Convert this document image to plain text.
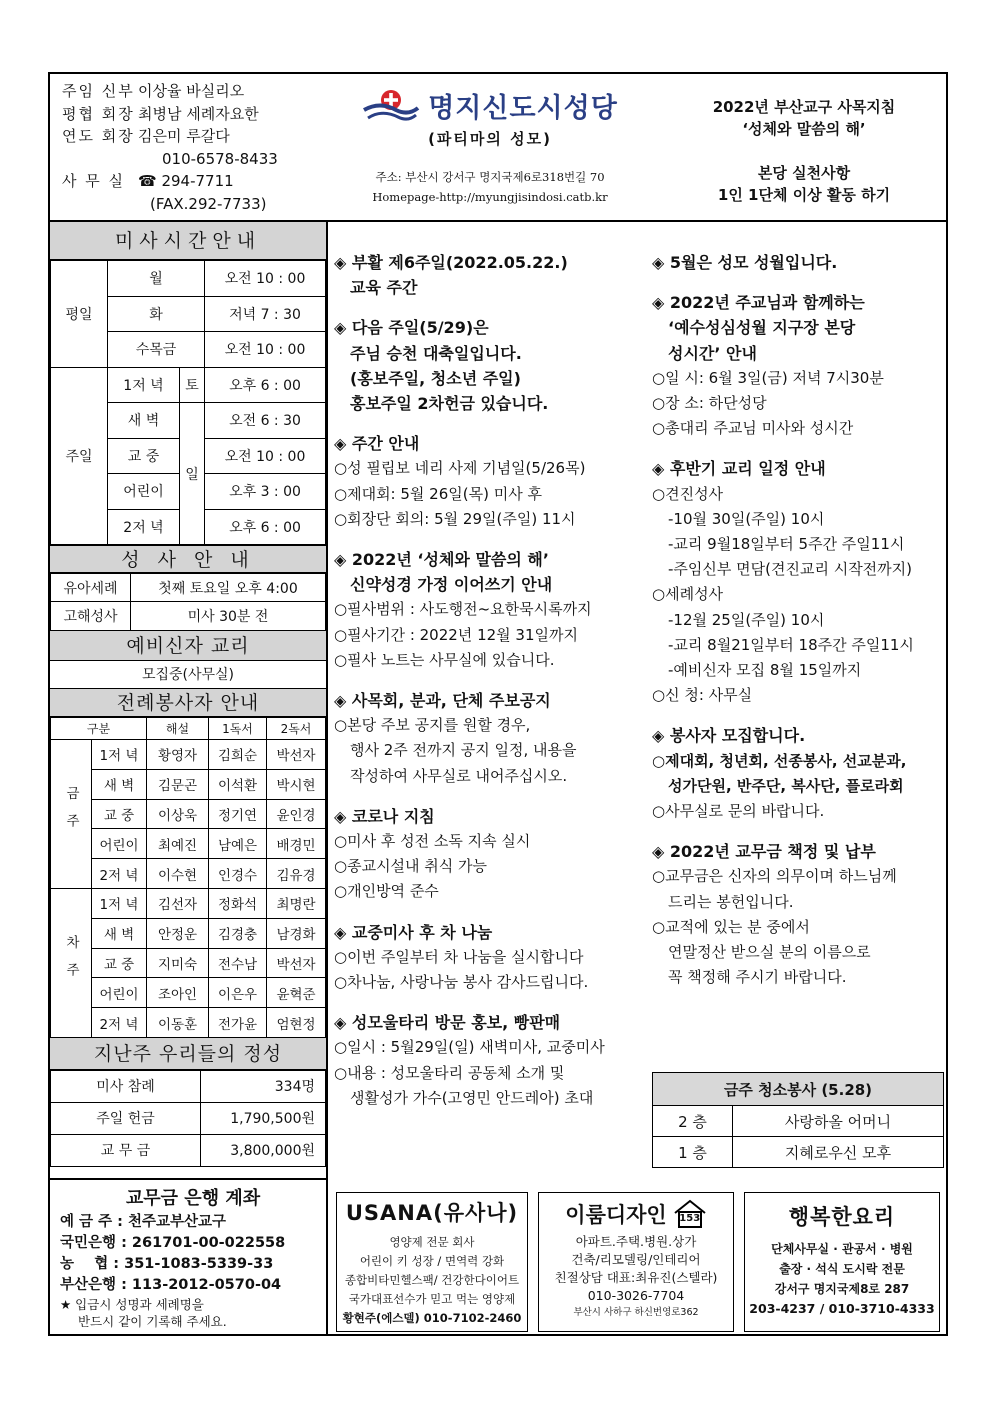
주임 신부 이상율 바실리오
평협 회장 최병남 세례자요한
연도 회장 김은미 루갈다
010-6578-8433
사 무 실 ☎ 294-7711
(FAX.292-7733)
명지신도시성당
(파티마의 성모)
주소: 부산시 강서구 명지국제6로318번길 70
Homepage-http://myungjisindosi.catb.kr
2022년 부산교구 사목지침
‘성체와 말씀의 해’
본당 실천사항
1인 1단체 이상 활동 하기
미사시간안내
평일	월		오전 10 : 00
	화		저녁 7 : 30
	수목금		오전 10 : 00
주일	1저 녁	토	오후 6 : 00
	새 벽	일	오전 6 : 30
	교 중		오전 10 : 00
	어린이		오후 3 : 00
	2저 녁		오후 6 : 00
성 사 안 내
유아세례	첫째 토요일 오후 4:00
고해성사	미사 30분 전
예비신자 교리
모집중(사무실)
전례봉사자 안내
구분		해설	1독서	2독서
금주	1저 녁	황영자	김희순	박선자
	새 벽	김문곤	이석환	박시현
	교 중	이상욱	정기연	윤인경
	어린이	최예진	남예은	배경민
	2저 녁	이수현	인경수	김유경
차주	1저 녁	김선자	정화석	최명란
	새 벽	안정운	김경충	남경화
	교 중	지미숙	전수남	박선자
	어린이	조아인	이은우	윤혁준
	2저 녁	이동훈	전가윤	엄현정
지난주 우리들의 정성
미사 참례	334명
주일 헌금	1,790,500원
교 무 금	3,800,000원
교무금 은행 계좌
예 금 주 : 천주교부산교구
국민은행 : 261701-00-022558
농    협 : 351-1083-5339-33
부산은행 : 113-2012-0570-04
★ 입금시 성명과 세례명을
반드시 같이 기록해 주세요.
◈ 부활 제6주일(2022.05.22.)
교육 주간
◈ 다음 주일(5/29)은
주님 승천 대축일입니다.
(홍보주일, 청소년 주일)
홍보주일 2차헌금 있습니다.
◈ 주간 안내
○성 필립보 네리 사제 기념일(5/26목)
○제대회: 5월 26일(목) 미사 후
○회장단 회의: 5월 29일(주일) 11시
◈ 2022년 ‘성체와 말씀의 해’
신약성경 가정 이어쓰기 안내
○필사범위 : 사도행전~요한묵시록까지
○필사기간 : 2022년 12월 31일까지
○필사 노트는 사무실에 있습니다.
◈ 사목회, 분과, 단체 주보공지
○본당 주보 공지를 원할 경우,
행사 2주 전까지 공지 일정, 내용을
작성하여 사무실로 내어주십시오.
◈ 코로나 지침
○미사 후 성전 소독 지속 실시
○종교시설내 취식 가능
○개인방역 준수
◈ 교중미사 후 차 나눔
○이번 주일부터 차 나눔을 실시합니다
○차나눔, 사랑나눔 봉사 감사드립니다.
◈ 성모울타리 방문 홍보, 빵판매
○일시 : 5월29일(일) 새벽미사, 교중미사
○내용 : 성모울타리 공동체 소개 및
생활성가 가수(고영민 안드레아) 초대
◈ 5월은 성모 성월입니다.
◈ 2022년 주교님과 함께하는
‘예수성심성월 지구장 본당
성시간’ 안내
○일 시: 6월 3일(금) 저녁 7시30분
○장 소: 하단성당
○총대리 주교님 미사와 성시간
◈ 후반기 교리 일정 안내
○견진성사
-10월 30일(주일) 10시
-교리 9월18일부터 5주간 주일11시
-주임신부 면담(견진교리 시작전까지)
○세례성사
-12월 25일(주일) 10시
-교리 8월21일부터 18주간 주일11시
-예비신자 모집 8월 15일까지
○신 청: 사무실
◈ 봉사자 모집합니다.
○제대회, 청년회, 선종봉사, 선교분과,
성가단원, 반주단, 복사단, 플로라회
○사무실로 문의 바랍니다.
◈ 2022년 교무금 책정 및 납부
○교무금은 신자의 의무이며 하느님께
드리는 봉헌입니다.
○교적에 있는 분 중에서
연말정산 받으실 분의 이름으로
꼭 책정해 주시기 바랍니다.
금주 청소봉사 (5.28)	
2 층	사랑하올 어머니
1 층	지혜로우신 모후
USANA(유사나)
영양제 전문 회사
어린이 키 성장 / 면역력 강화
종합비타민헬스팩/ 건강한다이어트
국가대표선수가 믿고 먹는 영양제
황현주(에스델) 010-7102-2460
이룸디자인	153
아파트.주택.병원.상가
건축/리모델링/인테리어
친절상담 대표:최유진(스텔라)
010-3026-7704
부산시 사하구 하신번영로362
행복한요리
단체사무실 · 관공서 · 병원
출장 · 석식 도시락 전문
강서구 명지국제8로 287
203-4237 / 010-3710-4333
